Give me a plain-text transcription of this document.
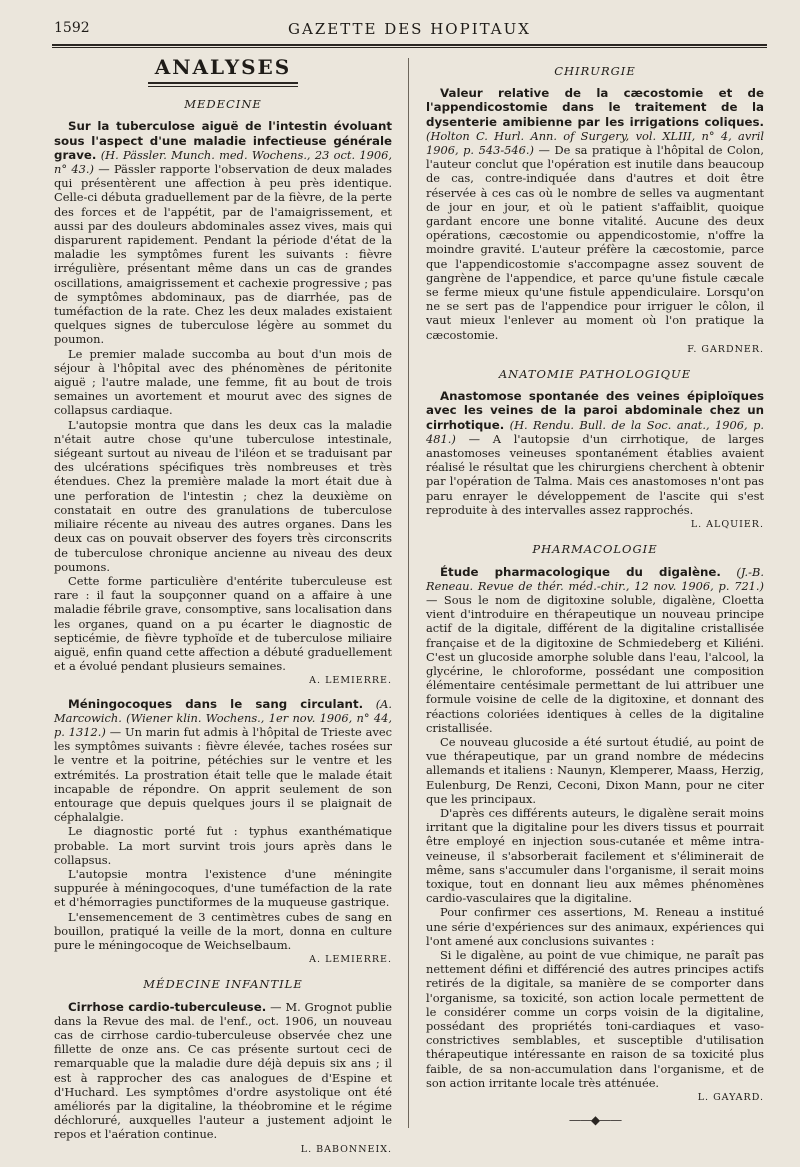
1592	GAZETTE DES HOPITAUX
ANALYSES
MEDECINE

Sur la tuberculose aiguë de l'intestin évoluant sous l'aspect d'une maladie infectieuse générale grave. (H. Pässler. Munch. med. Wochens., 23 oct. 1906, n° 43.) — Pässler rapporte l'observation de deux malades qui présentèrent une affection à peu près identique. Celle-ci débuta graduellement par de la fièvre, de la perte des forces et de l'appétit, par de l'amaigrissement, et aussi par des douleurs abdominales assez vives, mais qui disparurent rapidement. Pendant la période d'état de la maladie les symptômes furent les suivants : fièvre irrégulière, présentant même dans un cas de grandes oscillations, amaigrissement et cachexie progressive ; pas de symptômes abdominaux, pas de diarrhée, pas de tuméfaction de la rate. Chez les deux malades existaient quelques signes de tuberculose légère au sommet du poumon.

Le premier malade succomba au bout d'un mois de séjour à l'hôpital avec des phénomènes de péritonite aiguë ; l'autre malade, une femme, fit au bout de trois semaines un avortement et mourut avec des signes de collapsus cardiaque.

L'autopsie montra que dans les deux cas la maladie n'était autre chose qu'une tuberculose intestinale, siégeant surtout au niveau de l'iléon et se traduisant par des ulcérations spécifiques très nombreuses et très étendues. Chez la première malade la mort était due à une perforation de l'intestin ; chez la deuxième on constatait en outre des granulations de tuberculose miliaire récente au niveau des autres organes. Dans les deux cas on pouvait observer des foyers très circonscrits de tuberculose chronique ancienne au niveau des deux poumons.

Cette forme particulière d'entérite tuberculeuse est rare : il faut la soupçonner quand on a affaire à une maladie fébrile grave, consomptive, sans localisation dans les organes, quand on a pu écarter le diagnostic de septicémie, de fièvre typhoïde et de tuberculose miliaire aiguë, enfin quand cette affection a débuté graduellement et a évolué pendant plusieurs semaines.

A. LEMIERRE.

Méningocoques dans le sang circulant. (A. Marcowich. (Wiener klin. Wochens., 1er nov. 1906, n° 44, p. 1312.) — Un marin fut admis à l'hôpital de Trieste avec les symptômes suivants : fièvre élevée, taches rosées sur le ventre et la poitrine, pétéchies sur le ventre et les extrémités. La prostration était telle que le malade était incapable de répondre. On apprit seulement de son entourage que depuis quelques jours il se plaignait de céphalalgie.

Le diagnostic porté fut : typhus exanthématique probable. La mort survint trois jours après dans le collapsus.

L'autopsie montra l'existence d'une méningite suppurée à méningocoques, d'une tuméfaction de la rate et d'hémorragies punctiformes de la muqueuse gastrique.

L'ensemencement de 3 centimètres cubes de sang en bouillon, pratiqué la veille de la mort, donna en culture pure le méningocoque de Weichselbaum.

A. LEMIERRE.
MÉDECINE INFANTILE

Cirrhose cardio-tuberculeuse. — M. Grognot publie dans la Revue des mal. de l'enf., oct. 1906, un nouveau cas de cirrhose cardio-tuberculeuse observée chez une fillette de onze ans. Ce cas présente surtout ceci de remarquable que la maladie dure déjà depuis six ans ; il est à rapprocher des cas analogues de d'Espine et d'Huchard. Les symptômes d'ordre asystolique ont été améliorés par la digitaline, la théobromine et le régime déchloruré, auxquelles l'auteur a justement adjoint le repos et l'aération continue.

L. BABONNEIX.
CHIRURGIE

Valeur relative de la cæcostomie et de l'appendicostomie dans le traitement de la dysenterie amibienne par les irrigations coliques. (Holton C. Hurl. Ann. of Surgery, vol. XLIII, n° 4, avril 1906, p. 543-546.) — De sa pratique à l'hôpital de Colon, l'auteur conclut que l'opération est inutile dans beaucoup de cas, contre-indiquée dans d'autres et doit être réservée à ces cas où le nombre de selles va augmentant de jour en jour, et où le patient s'affaiblit, quoique gardant encore une bonne vitalité. Aucune des deux opérations, cæcostomie ou appendicostomie, n'offre la moindre gravité. L'auteur préfère la cæcostomie, parce que l'appendicostomie s'accompagne assez souvent de gangrène de l'appendice, et parce qu'une fistule cæcale se ferme mieux qu'une fistule appendiculaire. Lorsqu'on ne se sert pas de l'appendice pour irriguer le côlon, il vaut mieux l'enlever au moment où l'on pratique la cæcostomie.

F. GARDNER.
ANATOMIE PATHOLOGIQUE

Anastomose spontanée des veines épiploïques avec les veines de la paroi abdominale chez un cirrhotique. (H. Rendu. Bull. de la Soc. anat., 1906, p. 481.) — A l'autopsie d'un cirrhotique, de larges anastomoses veineuses spontanément établies avaient réalisé le résultat que les chirurgiens cherchent à obtenir par l'opération de Talma. Mais ces anastomoses n'ont pas paru enrayer le développement de l'ascite qui s'est reproduite à des intervalles assez rapprochés.

L. ALQUIER.
PHARMACOLOGIE

Étude pharmacologique du digalène. (J.-B. Reneau. Revue de thér. méd.-chir., 12 nov. 1906, p. 721.) — Sous le nom de digitoxine soluble, digalène, Cloetta vient d'introduire en thérapeutique un nouveau principe actif de la digitale, différent de la digitaline cristallisée française et de la digitoxine de Schmiedeberg et Kiliéni. C'est un glucoside amorphe soluble dans l'eau, l'alcool, la glycérine, le chloroforme, possédant une composition élémentaire centésimale permettant de lui attribuer une formule voisine de celle de la digitoxine, et donnant des réactions coloriées identiques à celles de la digitaline cristallisée.

Ce nouveau glucoside a été surtout étudié, au point de vue thérapeutique, par un grand nombre de médecins allemands et italiens : Naunyn, Klemperer, Maass, Herzig, Eulenburg, De Renzi, Ceconi, Dixon Mann, pour ne citer que les principaux.

D'après ces différents auteurs, le digalène serait moins irritant que la digitaline pour les divers tissus et pourrait être employé en injection sous-cutanée et même intra-veineuse, il s'absorberait facilement et s'éliminerait de même, sans s'accumuler dans l'organisme, il serait moins toxique, tout en donnant lieu aux mêmes phénomènes cardio-vasculaires que la digitaline.

Pour confirmer ces assertions, M. Reneau a institué une série d'expériences sur des animaux, expériences qui l'ont amené aux conclusions suivantes :

Si le digalène, au point de vue chimique, ne paraît pas nettement défini et différencié des autres principes actifs retirés de la digitale, sa manière de se comporter dans l'organisme, sa toxicité, son action locale permettent de le considérer comme un corps voisin de la digitaline, possédant des propriétés toni-cardiaques et vaso-constrictives semblables, et susceptible d'utilisation thérapeutique intéressante en raison de sa toxicité plus faible, de sa non-accumulation dans l'organisme, et de son action irritante locale très atténuée.

L. GAYARD.
——◆——
